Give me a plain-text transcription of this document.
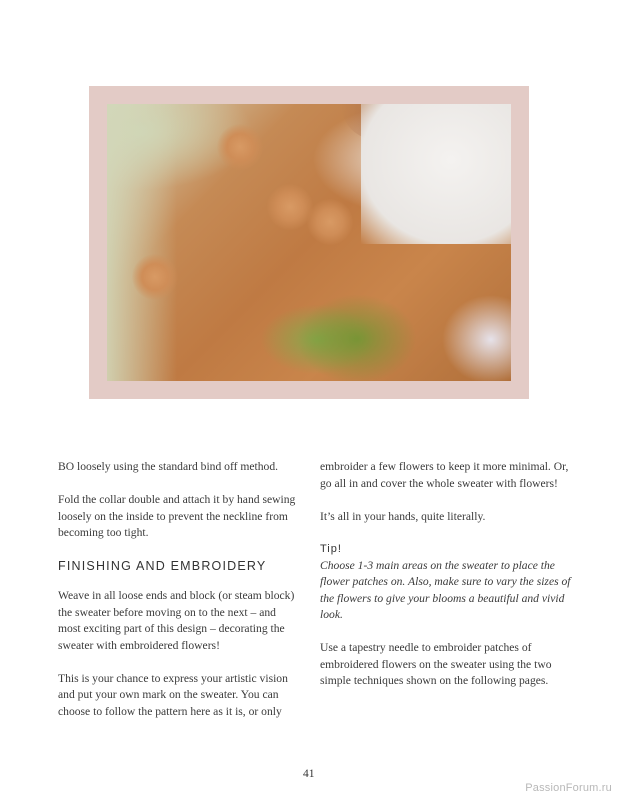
BO loosely using the standard bind off method.

Fold the collar double and attach it by hand sewing loosely on the inside to prevent the neckline from becoming too tight.

FINISHING AND EMBROIDERY

Weave in all loose ends and block (or steam block) the sweater before moving on to the next – and most exciting part of this design – decorating the sweater with embroidered flowers!

This is your chance to express your artistic vision and put your own mark on the sweater. You can choose to follow the pattern here as it is, or only

embroider a few flowers to keep it more minimal. Or, go all in and cover the whole sweater with flowers!

It’s all in your hands, quite literally.

Tip!

Choose 1-3 main areas on the sweater to place the flower patches on. Also, make sure to vary the sizes of the flowers to give your blooms a beautiful and vivid look.

Use a tapestry needle to embroider patches of embroidered flowers on the sweater using the two simple techniques shown on the following pages.

41
PassionForum.ru
